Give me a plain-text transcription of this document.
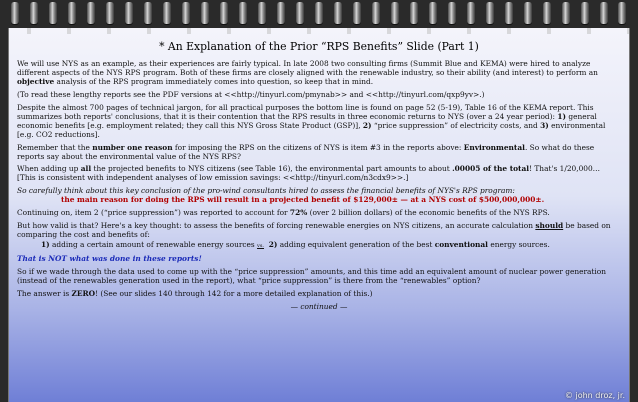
* An Explanation of the Prior “RPS Benefits” Slide (Part 1)

We will use NYS as an example, as their experiences are fairly typical. In late 2008 two consulting firms (Summit Blue and KEMA) were hired to analyze different aspects of the NYS RPS program. Both of these firms are closely aligned with the renewable industry, so their ability (and interest) to perform an objective analysis of the RPS program immediately comes into question, so keep that in mind.

(To read these lengthy reports see the PDF versions at <<http://tinyurl.com/pmynab>> and <<http://tinyurl.com/qxp9yv>.)

Despite the almost 700 pages of technical jargon, for all practical purposes the bottom line is found on page 52 (5-19), Table 16 of the KEMA report. This summarizes both reports' conclusions, that it is their contention that the RPS results in three economic returns to NYS (over a 24 year period): 1) general economic benefits [e.g. employment related; they call this NYS Gross State Product (GSP)], 2) “price suppression” of electricity costs, and 3) environmental [e.g. CO2 reductions].

Remember that the number one reason for imposing the RPS on the citizens of NYS is item #3 in the reports above: Environmental. So what do these reports say about the environmental value of the NYS RPS?

When adding up all the projected benefits to NYS citizens (see Table 16), the environmental part amounts to about .00005 of the total! That's 1/20,000… [This is consistent with independent analyses of low emission savings: <<http://tinyurl.com/n3cdx9>>.]

So carefully think about this key conclusion of the pro-wind consultants hired to assess the financial benefits of NYS's RPS program:

the main reason for doing the RPS will result in a projected benefit of $129,000± — at a NYS cost of $500,000,000±.

Continuing on, item 2 (“price suppression”) was reported to account for 72% (over 2 billion dollars) of the economic benefits of the NYS RPS.

But how valid is that? Here's a key thought: to assess the benefits of forcing renewable energies on NYS citizens, an accurate calculation should be based on comparing the cost and benefits of:

1) adding a certain amount of renewable energy sources vs. 2) adding equivalent generation of the best conventional energy sources.

That is NOT what was done in these reports!

So if we wade through the data used to come up with the “price suppression” amounts, and this time add an equivalent amount of nuclear power generation (instead of the renewables generation used in the report), what “price suppression” is there from the “renewables” option?

The answer is ZERO! (See our slides 140 through 142 for a more detailed explanation of this.)

— continued —

© john droz, jr.
